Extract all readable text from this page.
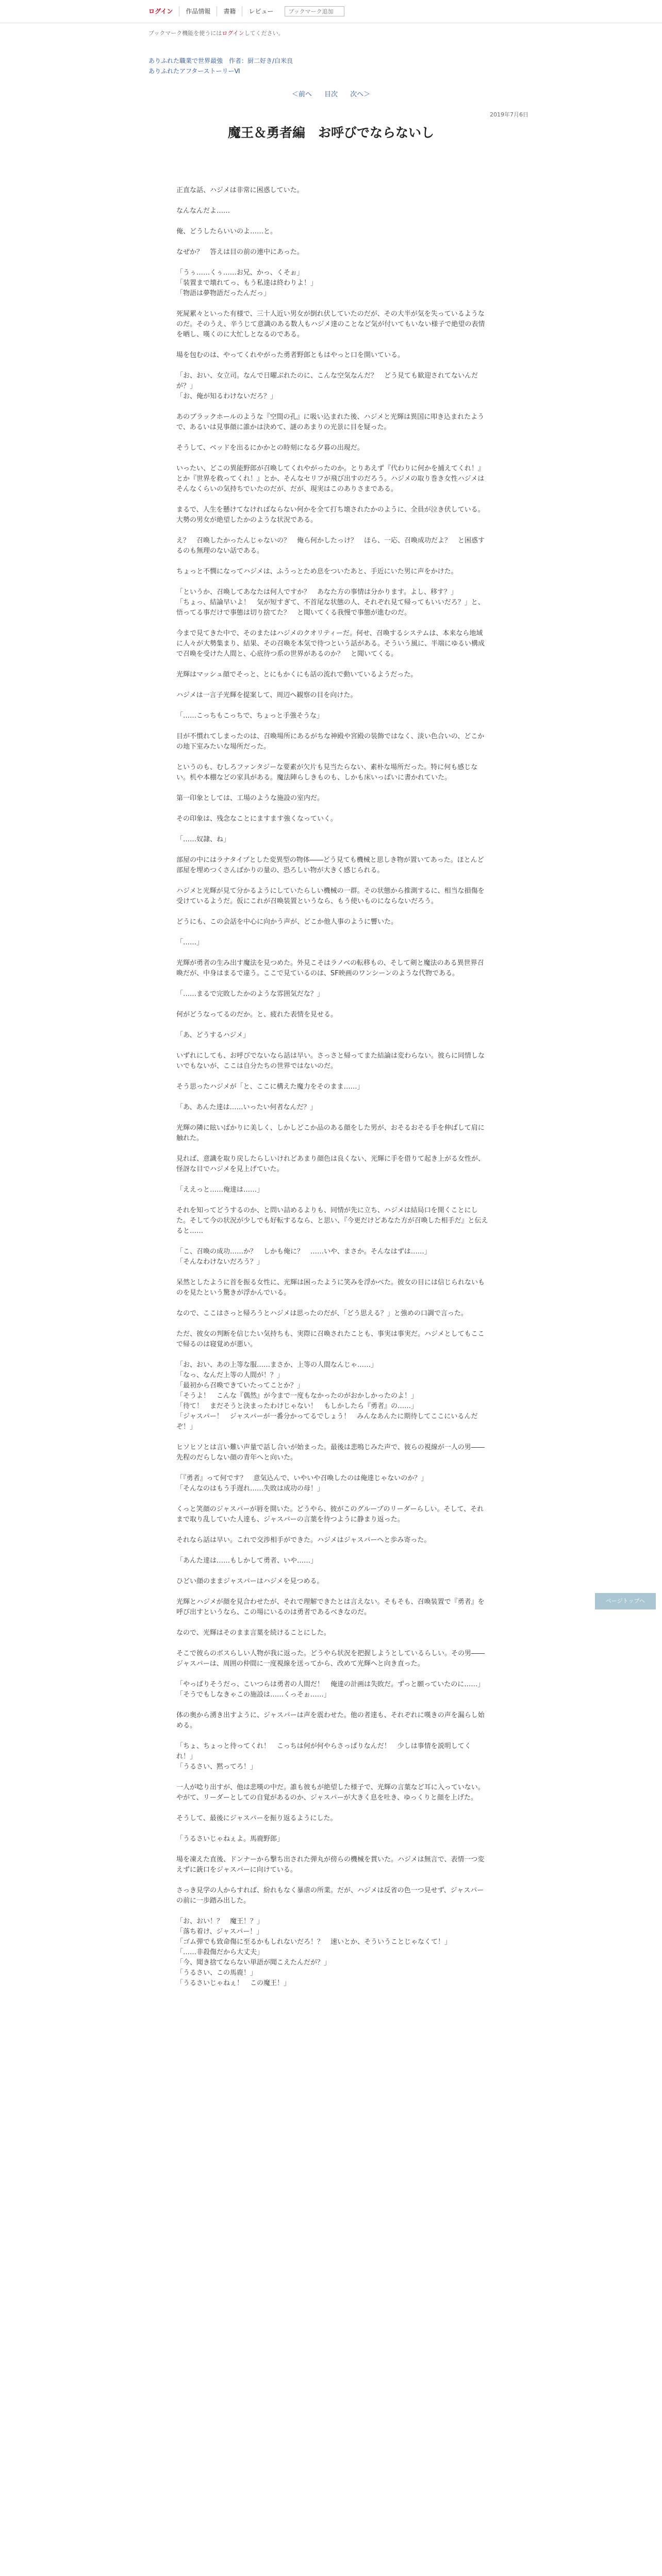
ログイン	作品情報	書籍	レビュー
ブックマーク追加
ブックマーク機能を使うにはログインしてください。
ありふれた職業で世界最強　作者：厨二好き/白米良
ありふれたアフターストーリーⅥ
＜前へ 目次 次へ＞
2019年7月6日
魔王＆勇者編　お呼びでならないし

正直な話、ハジメは非常に困惑していた。

なんなんだよ……

俺、どうしたらいいのよ……と。

なぜか？　答えは目の前の連中にあった。

「うぅ……くぅ……お兄、かっ、くそぉ」
「装置まで壊れてっ、もう私達は終わりよ！」
「物語は夢物語だったんだっ」

死屍累々といった有様で、三十人近い男女が倒れ伏していたのだが、その大半が気を失っているようなのだ。そのうえ、辛うじて意識のある数人もハジメ達のことなど気が付いてもいない様子で絶望の表情を晒し、嘆くのに大忙しとなるのである。

場を包むのは、やってくれやがった勇者野郎ともはやっと口を開いている。

「お、おい、女立司。なんで日曜ぶれたのに、こんな空気なんだ？　どう見ても歓迎されてないんだが？」
「お、俺が知るわけないだろ？」

あのブラックホールのような『空間の孔』に吸い込まれた後、ハジメと光輝は異国に叩き込まれたようで、あるいは見事顔に誰かは決めて、謎のあまりの光景に目を疑った。

そうして、ベッドを出るにかかとの時刻になる夕暮の出現だ。

いったい、どこの異能野郎が召喚してくれやがったのか。とりあえず『代わりに何かを捕えてくれ！』とか『世界を救ってくれ！』とか、そんなセリフが飛び出すのだろう。ハジメの取り巻き女性ハジメはそんなくらいの気持ちでいたのだが、だが、現実はこのありさまである。

まるで、人生を懸けてなければならない何かを全て打ち壊されたかのように、全員が泣き伏している。大勢の男女が絶望したかのような状況である。

え？　召喚したかったんじゃないの？　俺ら何かしたっけ？　ほら、一応、召喚成功だよ？　と困惑するのも無理のない話である。

ちょっと不憫になってハジメは、ふうっとため息をついたあと、手近にいた男に声をかけた。

「というか、召喚してあなたは何人ですか？　あなた方の事情は分かります。よし、移す？」
「ちょっ、結論早いよ！　気が短すぎて、不首尾な状態の人、それぞれ見て帰ってもいいだろ？」と、悟ってる事だけで事態は切り捨てた？　と聞いてくる我慢で事態が進むのだ。

今まで見てきた中で、そのまたはハジメのクオリティーだ。何せ、召喚するシステムは、本来なら地域に人々が大勢集まり、結果、その召喚を本気で待つという話がある。そういう風に、半端にゆるい構成で召喚を受けた人間と、心底待つ系の世界があるのか？　と聞いてくる。

光輝はマッシュ顔でそっと、とにもかくにも話の流れで動いているようだった。

ハジメは一言子光輝を提案して、周辺へ観察の目を向けた。

「……こっちもこっちで、ちょっと手強そうな」

目が不慣れてしまったのは、召喚場所にあるがちな神殿や宮殿の装飾ではなく、淡い色合いの、どこかの地下室みたいな場所だった。

というのも、むしろファンタジーな要素が欠片も見当たらない、素朴な場所だった。特に何も感じない。机や本棚などの家具がある。魔法陣らしきものも、しかも床いっぱいに書かれていた。

第一印象としては、工場のような施設の室内だ。

その印象は、残念なことにますます強くなっていく。

「……奴隷、ね」

部屋の中にはラナタイプとした変異型の物体――どう見ても機械と思しき物が置いてあった。ほとんど部屋を埋めつくさんばかりの量の、恐ろしい物が大きく感じられる。

ハジメと光輝が見て分かるようにしていたらしい機械の一群。その状態から推測するに、相当な損傷を受けているようだ。仮にこれが召喚装置というなら、もう使いものにならないだろう。

どうにも、この会話を中心に向かう声が、どこか他人事のように響いた。

「……」

光輝が勇者の生み出す魔法を見つめた。外見こそはラノベの転移もの、そして剣と魔法のある異世界召喚だが、中身はまるで違う。ここで見ているのは、SF映画のワンシーンのような代物である。

「……まるで完敗したかのような雰囲気だな？」

何がどうなってるのだか。と、疲れた表情を見せる。

「あ、どうするハジメ」

いずれにしても、お呼びでないなら話は早い。さっさと帰ってまた結論は変わらない。彼らに同情しないでもないが、ここは自分たちの世界ではないのだ。

そう思ったハジメが「と、ここに構えた魔力をそのまま……」

「あ、あんた達は……いったい何者なんだ？」

光輝の隣に眩いばかりに美しく、しかしどこか品のある顔をした男が、おそるおそる手を伸ばして肩に触れた。

見れば、意識を取り戻したらしいけれどあまり顔色は良くない、光輝に手を借りて起き上がる女性が、怪訝な目でハジメを見上げていた。

「ええっと……俺達は……」

それを知ってどうするのか、と問い詰めるよりも、同情が先に立ち、ハジメは結局口を開くことにした。そして今の状況が少しでも好転するなら、と思い、『今更だけどあなた方が召喚した相手だ』と伝えると……

「こ、召喚の成功……か？　しかも俺に？　……いや、まさか。そんなはずは……」
「そんなわけないだろう？」

呆然としたように首を振る女性に、光輝は困ったように笑みを浮かべた。彼女の目には信じられないものを見たという驚きが浮かんでいる。

なので、ここはさっと帰ろうとハジメは思ったのだが、「どう思える？」と強めの口調で言った。

ただ、彼女の判断を信じたい気持ちも、実際に召喚されたことも、事実は事実だ。ハジメとしてもここで帰るのは寝覚めが悪い。

「お、おい、あの上等な服……まさか、上等の人間なんじゃ……」
「なっ、なんだ上等の人間が！？」
「最初から召喚できていたってことか？」
「そうよ！　こんな『偶然』が今まで一度もなかったのがおかしかったのよ！」
「待て！　まだそうと決まったわけじゃない！　もしかしたら『勇者』の……」
「ジャスパー！　ジャスパーが一番分かってるでしょう！　みんなあんたに期待してここにいるんだぞ！」

ヒソヒソとは言い難い声量で話し合いが始まった。最後は悲鳴じみた声で、彼らの視線が一人の男――先程のだらしない顔の青年へと向いた。

「『勇者』って何です？　意気込んで、いやいや召喚したのは俺達じゃないのか？」
「そんなのはもう手遅れ……失敗は成功の母！」

くっと笑顔のジャスパーが唇を開いた。どうやら、彼がこのグループのリーダーらしい。そして、それまで取り乱していた人達も、ジャスパーの言葉を待つように静まり返った。

それなら話は早い。これで交渉相手ができた。ハジメはジャスパーへと歩み寄った。

「あんた達は……もしかして勇者、いや……」

ひどい顔のままジャスパーはハジメを見つめる。

光輝とハジメが顔を見合わせたが、それで理解できたとは言えない。そもそも、召喚装置で『勇者』を呼び出すというなら、この場にいるのは勇者であるべきなのだ。

なので、光輝はそのまま言葉を続けることにした。

そこで彼らのボスらしい人物が我に返った。どうやら状況を把握しようとしているらしい。その男――ジャスパーは、周囲の仲間に一度視線を送ってから、改めて光輝へと向き直った。

「やっぱりそうだっ、こいつらは勇者の人間だ！　俺達の計画は失敗だ。ずっと願っていたのに……」
「そうでもしなきゃこの施設は……くっそぉ……」

体の奥から湧き出すように、ジャスパーは声を震わせた。他の者達も、それぞれに嘆きの声を漏らし始める。

「ちょ、ちょっと待ってくれ！　こっちは何が何やらさっぱりなんだ！　少しは事情を説明してくれ！」
「うるさい、黙ってろ！」

一人が唸り出すが、他は悲嘆の中だ。誰も彼もが絶望した様子で、光輝の言葉など耳に入っていない。やがて、リーダーとしての自覚があるのか、ジャスパーが大きく息を吐き、ゆっくりと顔を上げた。

そうして、最後にジャスパーを振り返るようにした。

「うるさいじゃねぇよ。馬鹿野郎」

場を凍えた直後、ドンナーから撃ち出された弾丸が傍らの機械を貫いた。ハジメは無言で、表情一つ変えずに銃口をジャスパーに向けている。

さっき見学の人からすれば、紛れもなく暴虐の所業。だが、ハジメは反省の色一つ見せず、ジャスパーの前に一歩踏み出した。

「お、おい！？　魔王！？」
「落ち着け、ジャスパー！」
「ゴム弾でも致命傷に至るかもしれないだろ！？　速いとか、そういうことじゃなくて！」
「……非殺傷だから大丈夫」
「今、聞き捨てならない単語が聞こえたんだが？」
「うるさい、この馬鹿！」
「うるさいじゃねぇ！　この魔王！」

ページトップへ
